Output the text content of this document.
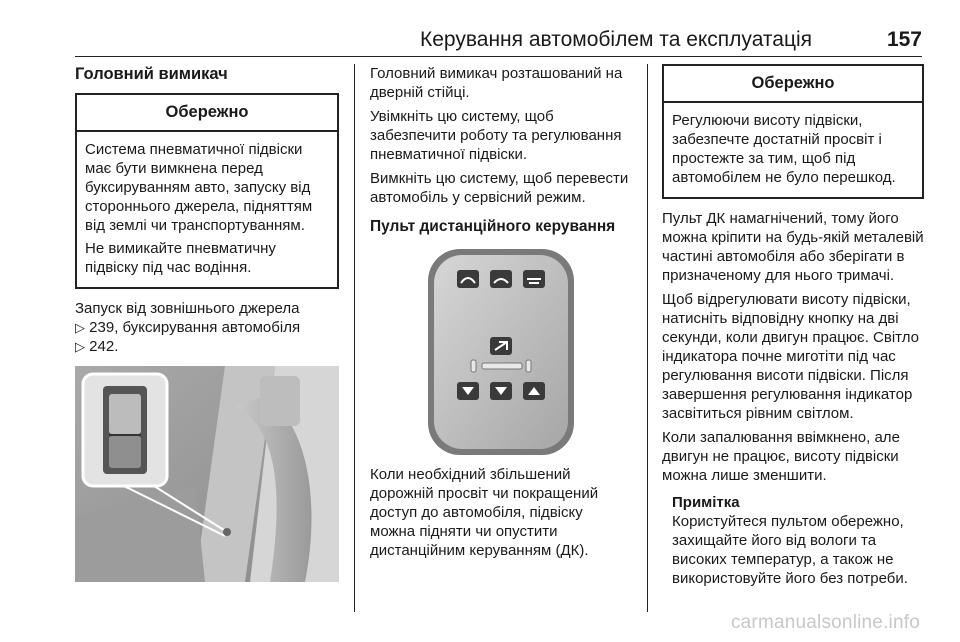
Керування автомобілем та експлуатація	157
Головний вимикач
Обережно

Система пневматичної підвіски має бути вимкнена перед буксируванням авто, запуску від стороннього джерела, підняттям від землі чи транспортуванням.

Не вимикайте пневматичну підвіску під час водіння.

Запуск від зовнішнього джерела
▷ 239, буксирування автомобіля
▷ 242.

Головний вимикач розташований на дверній стійці.

Увімкніть цю систему, щоб забезпечити роботу та регулювання пневматичної підвіски.

Вимкніть цю систему, щоб перевести автомобіль у сервісний режим.

Пульт дистанційного керування

Коли необхідний збільшений дорожній просвіт чи покращений доступ до автомобіля, підвіску можна підняти чи опустити дистанційним керуванням (ДК).

Обережно

Регулюючи висоту підвіски, забезпечте достатній просвіт і простежте за тим, щоб під автомобілем не було перешкод.

Пульт ДК намагнічений, тому його можна кріпити на будь-якій металевій частині автомобіля або зберігати в призначеному для нього тримачі.

Щоб відрегулювати висоту підвіски, натисніть відповідну кнопку на дві секунди, коли двигун працює. Світло індикатора почне миготіти під час регулювання висоти підвіски. Після завершення регулювання індикатор засвітиться рівним світлом.

Коли запалювання ввімкнено, але двигун не працює, висоту підвіски можна лише зменшити.

Примітка
Користуйтеся пультом обережно, захищайте його від вологи та високих температур, а також не використовуйте його без потреби.
carmanualsonline.info
